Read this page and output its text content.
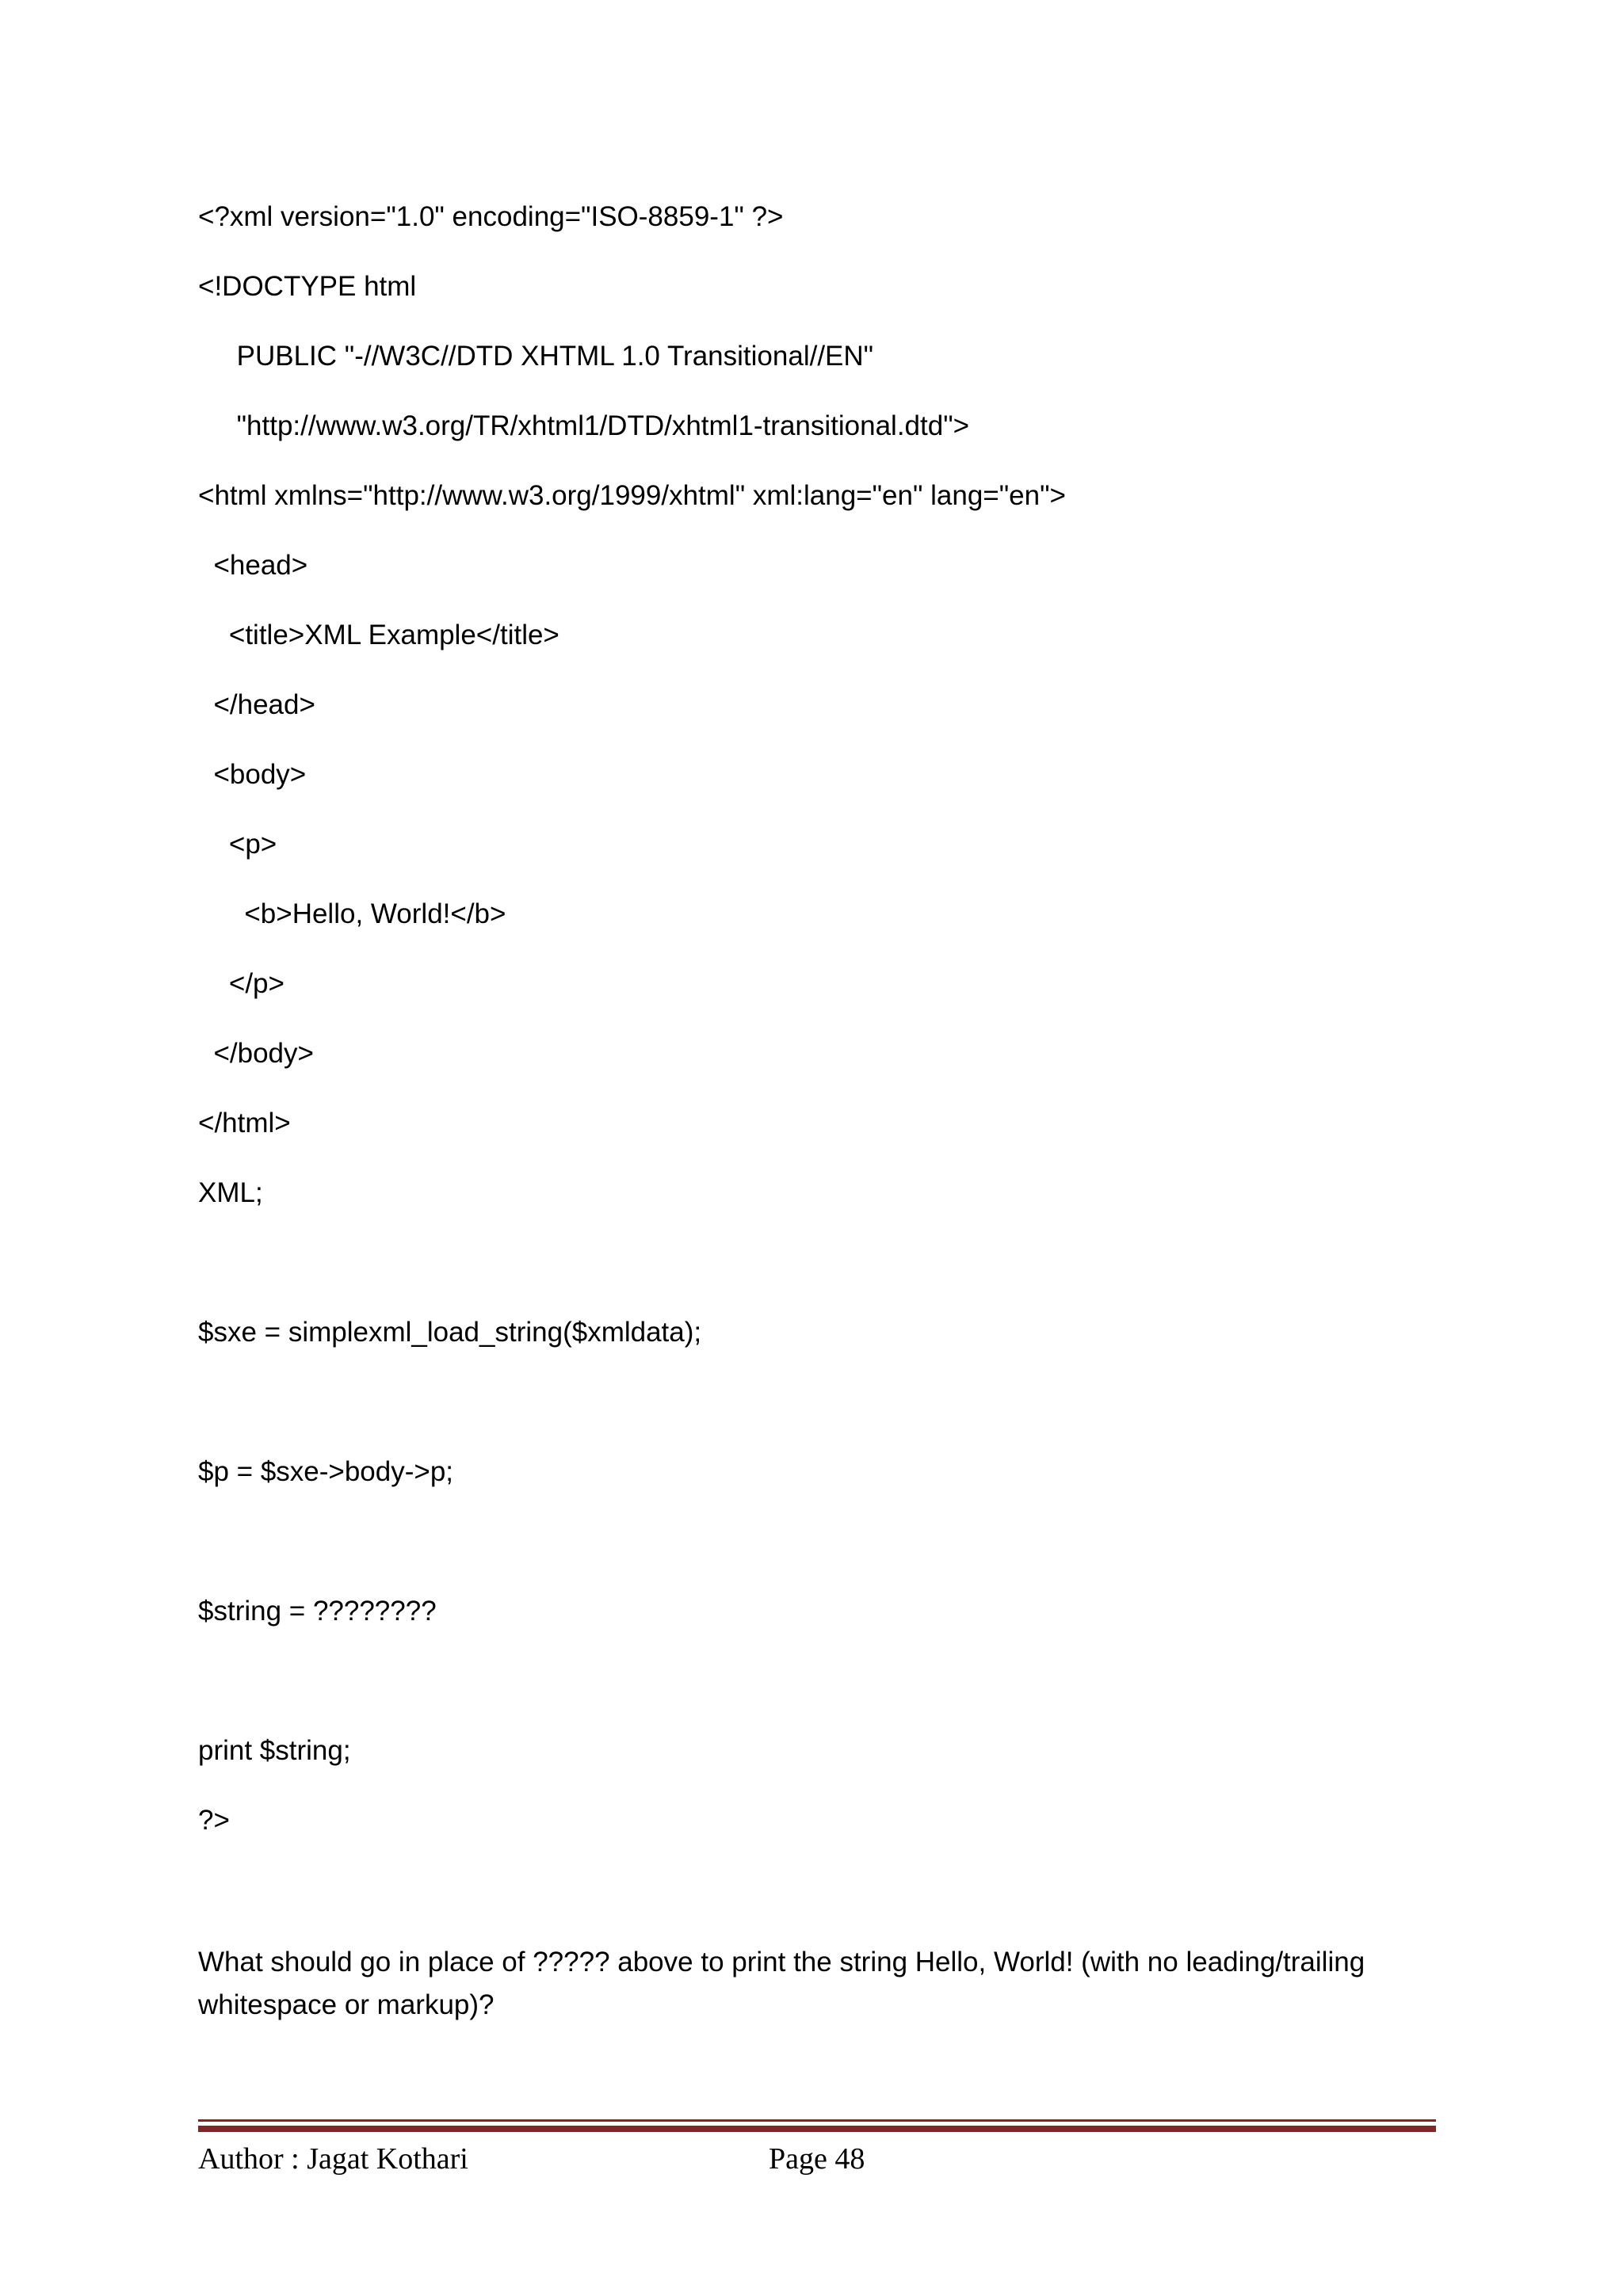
<?xml version="1.0" encoding="ISO-8859-1" ?>

<!DOCTYPE html

PUBLIC "-//W3C//DTD XHTML 1.0 Transitional//EN"

"http://www.w3.org/TR/xhtml1/DTD/xhtml1-transitional.dtd">

<html xmlns="http://www.w3.org/1999/xhtml" xml:lang="en" lang="en">

<head>

<title>XML Example</title>

</head>

<body>

<p>

<b>Hello, World!</b>

</p>

</body>

</html>

XML;

$sxe = simplexml_load_string($xmldata);

$p = $sxe->body->p;

$string = ????????

print $string;

?>

What should go in place of ????? above to print the string Hello, World! (with no leading/trailing whitespace or markup)?

Author : Jagat Kothari	Page 48
